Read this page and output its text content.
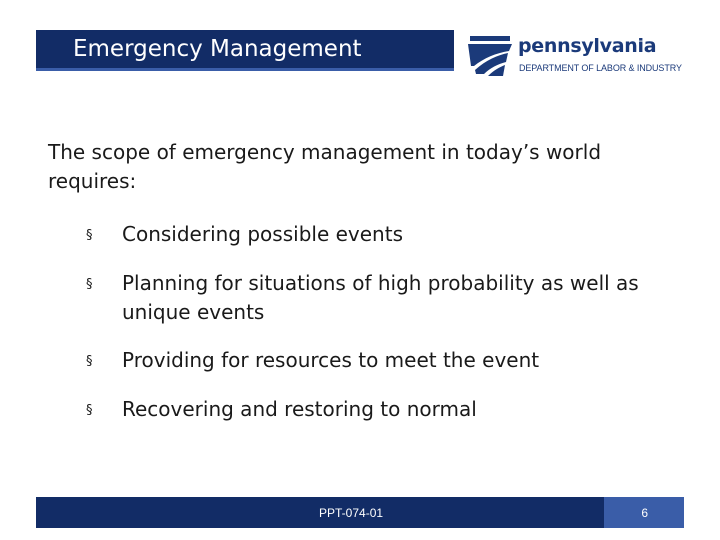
Emergency Management	pennsylvania
DEPARTMENT OF LABOR & INDUSTRY
The scope of emergency management in today’s world requires:
§ Considering possible events
§ Planning for situations of high probability as well as unique events
§ Providing for resources to meet the event
§ Recovering and restoring to normal
PPT-074-01	6
